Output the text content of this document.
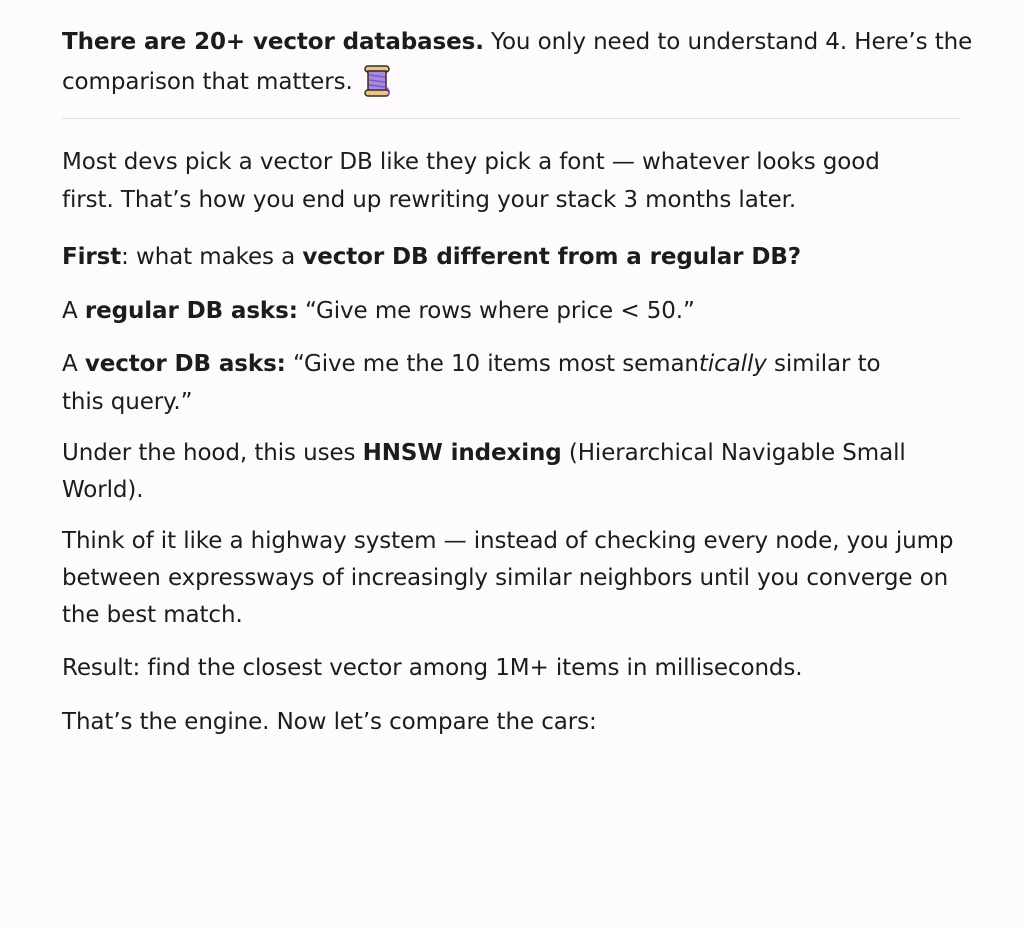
There are 20+ vector databases. You only need to understand 4. Here’s the comparison that matters.

Most devs pick a vector DB like they pick a font — whatever looks good first. That’s how you end up rewriting your stack 3 months later.

First: what makes a vector DB different from a regular DB?

A regular DB asks: “Give me rows where price < 50.”

A vector DB asks: “Give me the 10 items most semantically similar to this query.”

Under the hood, this uses HNSW indexing (Hierarchical Navigable Small World).

Think of it like a highway system — instead of checking every node, you jump between expressways of increasingly similar neighbors until you converge on the best match.

Result: find the closest vector among 1M+ items in milliseconds.

That’s the engine. Now let’s compare the cars:
